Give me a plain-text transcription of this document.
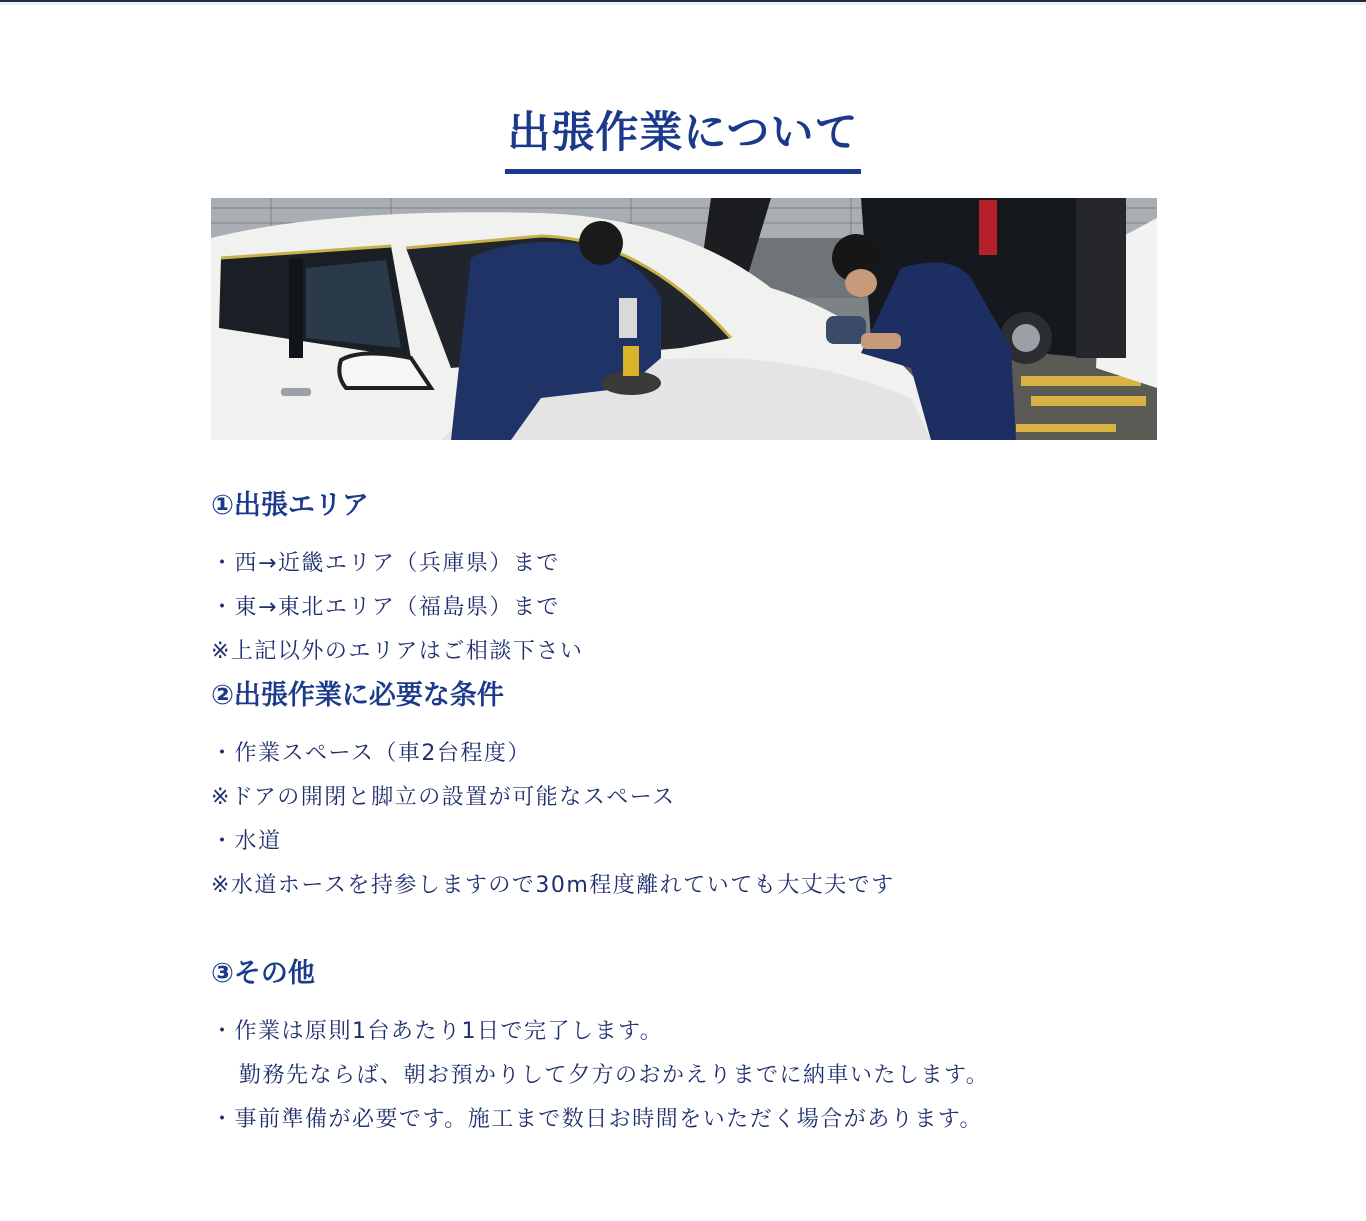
出張作業について
①出張エリア

・西→近畿エリア（兵庫県）まで

・東→東北エリア（福島県）まで

※上記以外のエリアはご相談下さい

②出張作業に必要な条件

・作業スペース（車2台程度）

※ドアの開閉と脚立の設置が可能なスペース

・水道

※水道ホースを持参しますので30m程度離れていても大丈夫です

③その他

・作業は原則1台あたり1日で完了します。

勤務先ならば、朝お預かりして夕方のおかえりまでに納車いたします。

・事前準備が必要です。施工まで数日お時間をいただく場合があります。
